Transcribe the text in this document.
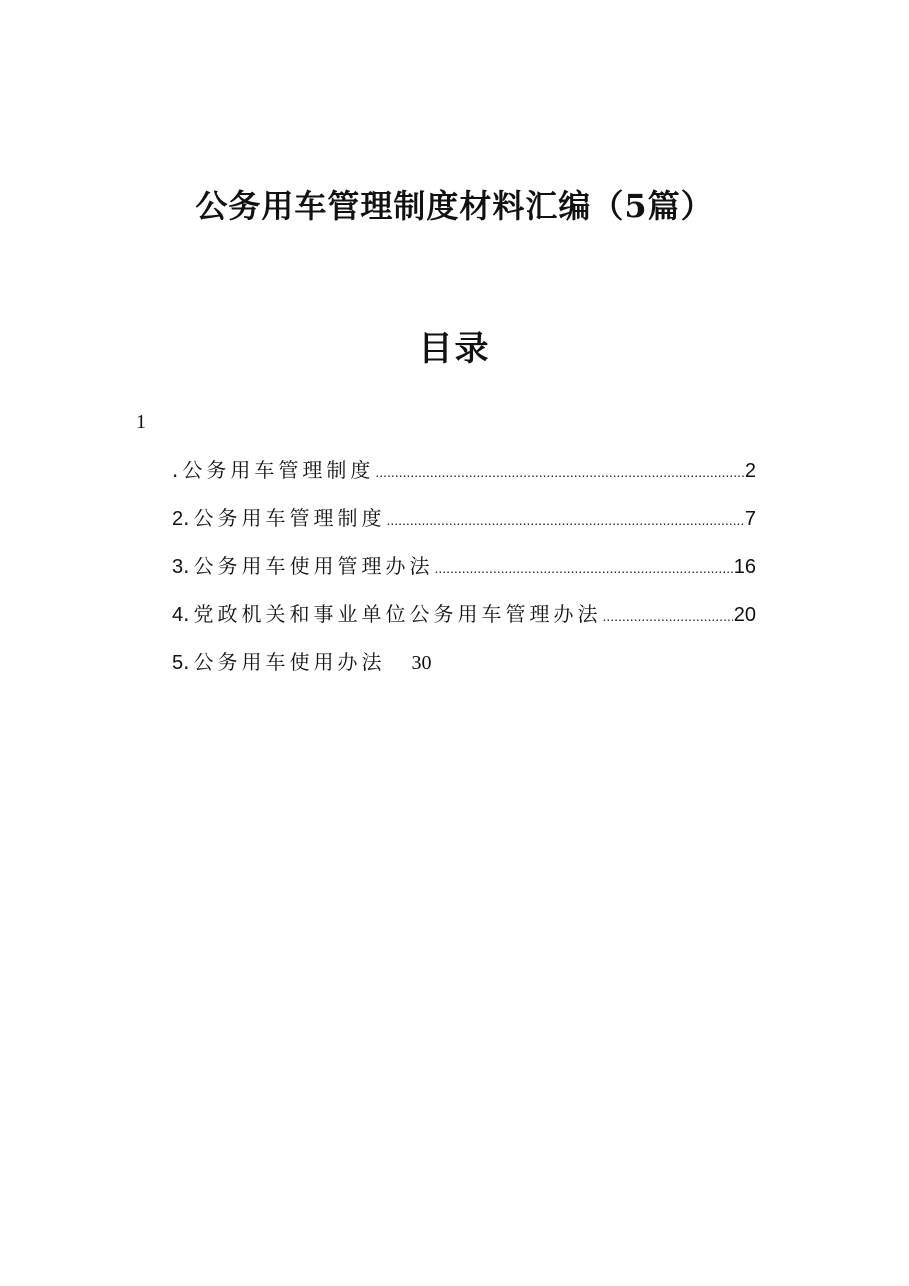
公务用车管理制度材料汇编（5篇）
目录
1
.公务用车管理制度 .....	2
2 .公务用车管理制度 .....	7
3 .公务用车使用管理办法 .....	16
4 .党政机关和事业单位公务用车管理办法 .....	20
5 .公务用车使用办法 30
